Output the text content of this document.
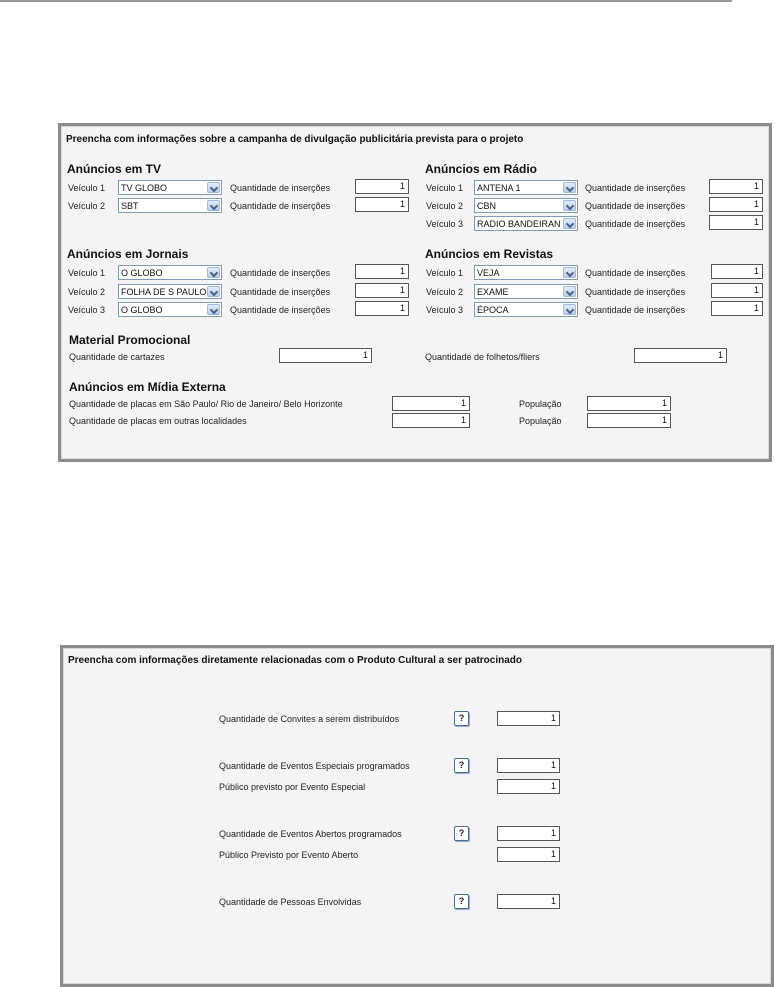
Preencha com informações sobre a campanha de divulgação publicitária prevista para o projeto
Anúncios em TV
Veículo 1 TV GLOBO	Quantidade de inserções	1
Veículo 2 SBT	Quantidade de inserções	1
Anúncios em Rádio
Veículo 1 ANTENA 1	Quantidade de inserções	1
Veículo 2 CBN	Quantidade de inserções	1
Veículo 3 RADIO BANDEIRAN	Quantidade de inserções	1
Anúncios em Jornais
Veículo 1 O GLOBO	Quantidade de inserções	1
Veículo 2 FOLHA DE S PAULO	Quantidade de inserções	1
Veículo 3 O GLOBO	Quantidade de inserções	1
Anúncios em Revistas
Veículo 1 VEJA	Quantidade de inserções	1
Veículo 2 EXAME	Quantidade de inserções	1
Veículo 3 ÉPOCA	Quantidade de inserções	1
Material Promocional
Quantidade de cartazes	1	Quantidade de folhetos/fliers	1
Anúncios em Mídia Externa
Quantidade de placas em São Paulo/ Rio de Janeiro/ Belo Horizonte	1	População	1
Quantidade de placas em outras localidades	1	População	1
Preencha com informações diretamente relacionadas com o Produto Cultural a ser patrocinado
Quantidade de Convites a serem distribuídos	?	1
Quantidade de Eventos Especiais programados	?	1
Público previsto por Evento Especial	1
Quantidade de Eventos Abertos programados	?	1
Público Previsto por Evento Aberto	1
Quantidade de Pessoas Envolvidas	?	1
